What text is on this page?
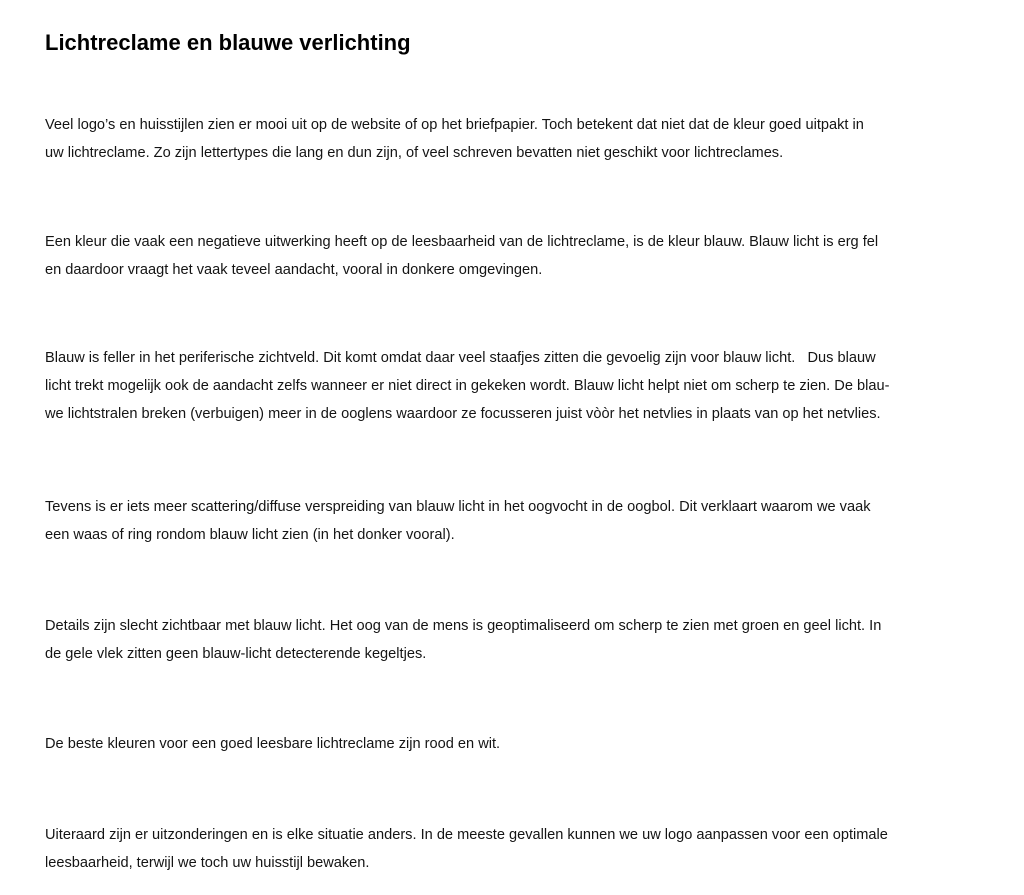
Lichtreclame en blauwe verlichting

Veel logo’s en huisstijlen zien er mooi uit op de website of op het briefpapier. Toch betekent dat niet dat de kleur goed uitpakt in
uw lichtreclame. Zo zijn lettertypes die lang en dun zijn, of veel schreven bevatten niet geschikt voor lichtreclames.

Een kleur die vaak een negatieve uitwerking heeft op de leesbaarheid van de lichtreclame, is de kleur blauw. Blauw licht is erg fel
en daardoor vraagt het vaak teveel aandacht, vooral in donkere omgevingen.

Blauw is feller in het periferische zichtveld. Dit komt omdat daar veel staafjes zitten die gevoelig zijn voor blauw licht.   Dus blauw
licht trekt mogelijk ook de aandacht zelfs wanneer er niet direct in gekeken wordt. Blauw licht helpt niet om scherp te zien. De blau-
we lichtstralen breken (verbuigen) meer in de ooglens waardoor ze focusseren juist vòòr het netvlies in plaats van op het netvlies.

Tevens is er iets meer scattering/diffuse verspreiding van blauw licht in het oogvocht in de oogbol. Dit verklaart waarom we vaak
een waas of ring rondom blauw licht zien (in het donker vooral).

Details zijn slecht zichtbaar met blauw licht. Het oog van de mens is geoptimaliseerd om scherp te zien met groen en geel licht. In
de gele vlek zitten geen blauw-licht detecterende kegeltjes.

De beste kleuren voor een goed leesbare lichtreclame zijn rood en wit.

Uiteraard zijn er uitzonderingen en is elke situatie anders. In de meeste gevallen kunnen we uw logo aanpassen voor een optimale
leesbaarheid, terwijl we toch uw huisstijl bewaken.
